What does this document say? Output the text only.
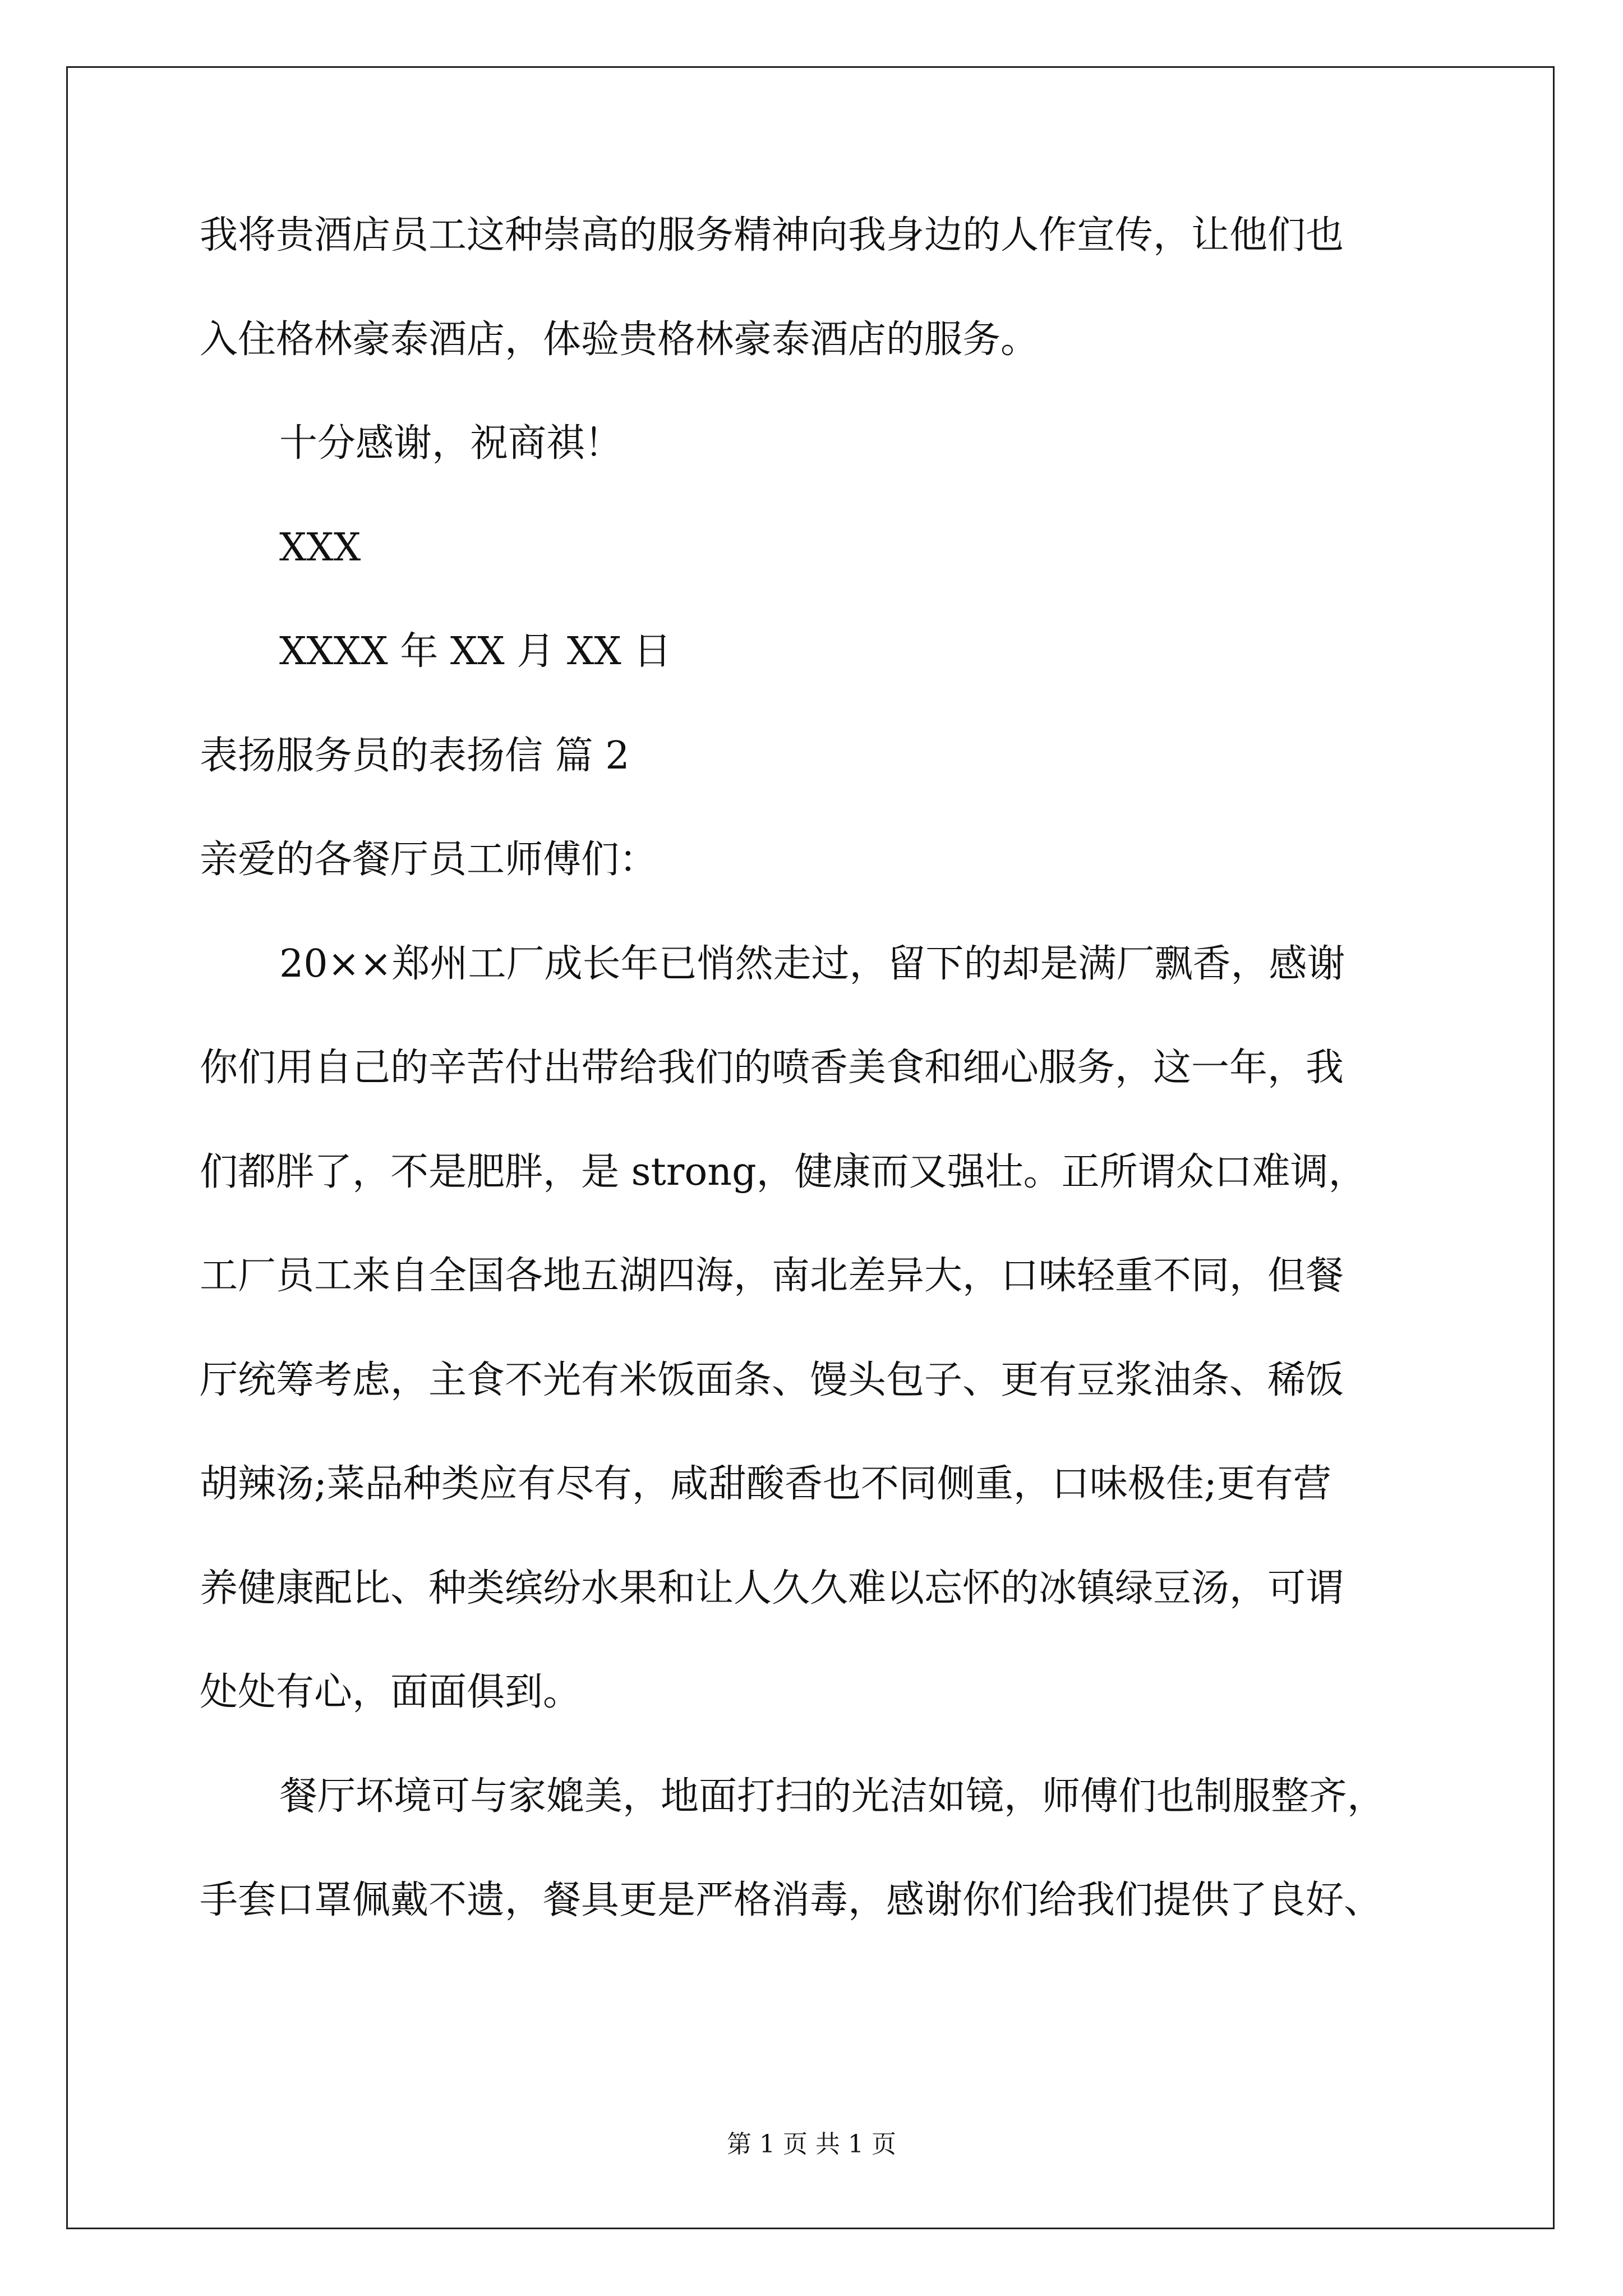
我将贵酒店员工这种崇高的服务精神向我身边的人作宣传，让他们也
入住格林豪泰酒店，体验贵格林豪泰酒店的服务。
十分感谢，祝商祺！
XXX
XXXX 年 XX 月 XX 日
表扬服务员的表扬信 篇 2
亲爱的各餐厅员工师傅们：
20××郑州工厂成长年已悄然走过，留下的却是满厂飘香，感谢
你们用自己的辛苦付出带给我们的喷香美食和细心服务，这一年，我
们都胖了，不是肥胖，是 strong，健康而又强壮。正所谓众口难调，
工厂员工来自全国各地五湖四海，南北差异大，口味轻重不同，但餐
厅统筹考虑，主食不光有米饭面条、馒头包子、更有豆浆油条、稀饭
胡辣汤;菜品种类应有尽有，咸甜酸香也不同侧重，口味极佳;更有营
养健康配比、种类缤纷水果和让人久久难以忘怀的冰镇绿豆汤，可谓
处处有心，面面俱到。
餐厅坏境可与家媲美，地面打扫的光洁如镜，师傅们也制服整齐，
手套口罩佩戴不遗，餐具更是严格消毒，感谢你们给我们提供了良好、
第 1 页 共 1 页
